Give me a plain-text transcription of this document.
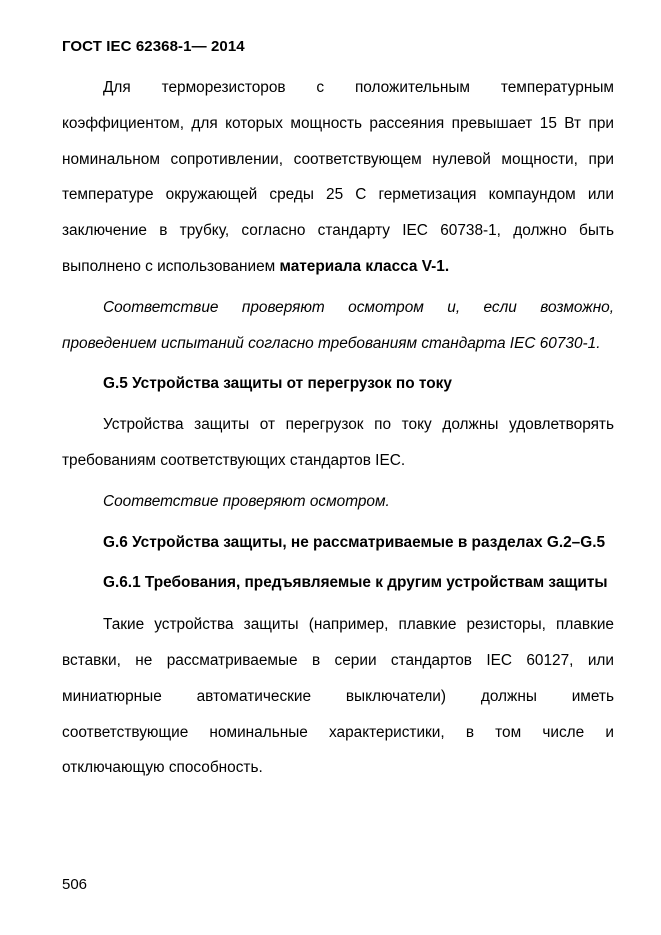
ГОСТ IEC 62368-1— 2014

Для терморезисторов с положительным температурным коэффициентом, для которых мощность рассеяния превышает 15 Вт при номинальном сопротивлении, соответствующем нулевой мощности, при температуре окружающей среды 25 С герметизация компаундом или заключение в трубку, согласно стандарту IEC 60738-1, должно быть выполнено с использованием материала класса V-1.

Соответствие проверяют осмотром и, если возможно, проведением испытаний согласно требованиям стандарта IEC 60730-1.

G.5 Устройства защиты от перегрузок по току

Устройства защиты от перегрузок по току должны удовлетворять требованиям соответствующих стандартов IEC.

Соответствие проверяют осмотром.

G.6 Устройства защиты, не рассматриваемые в разделах G.2–G.5

G.6.1 Требования, предъявляемые к другим устройствам защиты

Такие устройства защиты (например, плавкие резисторы, плавкие вставки, не рассматриваемые в серии стандартов IEC 60127, или миниатюрные автоматические выключатели) должны иметь соответствующие номинальные характеристики, в том числе и отключающую способность.

506
